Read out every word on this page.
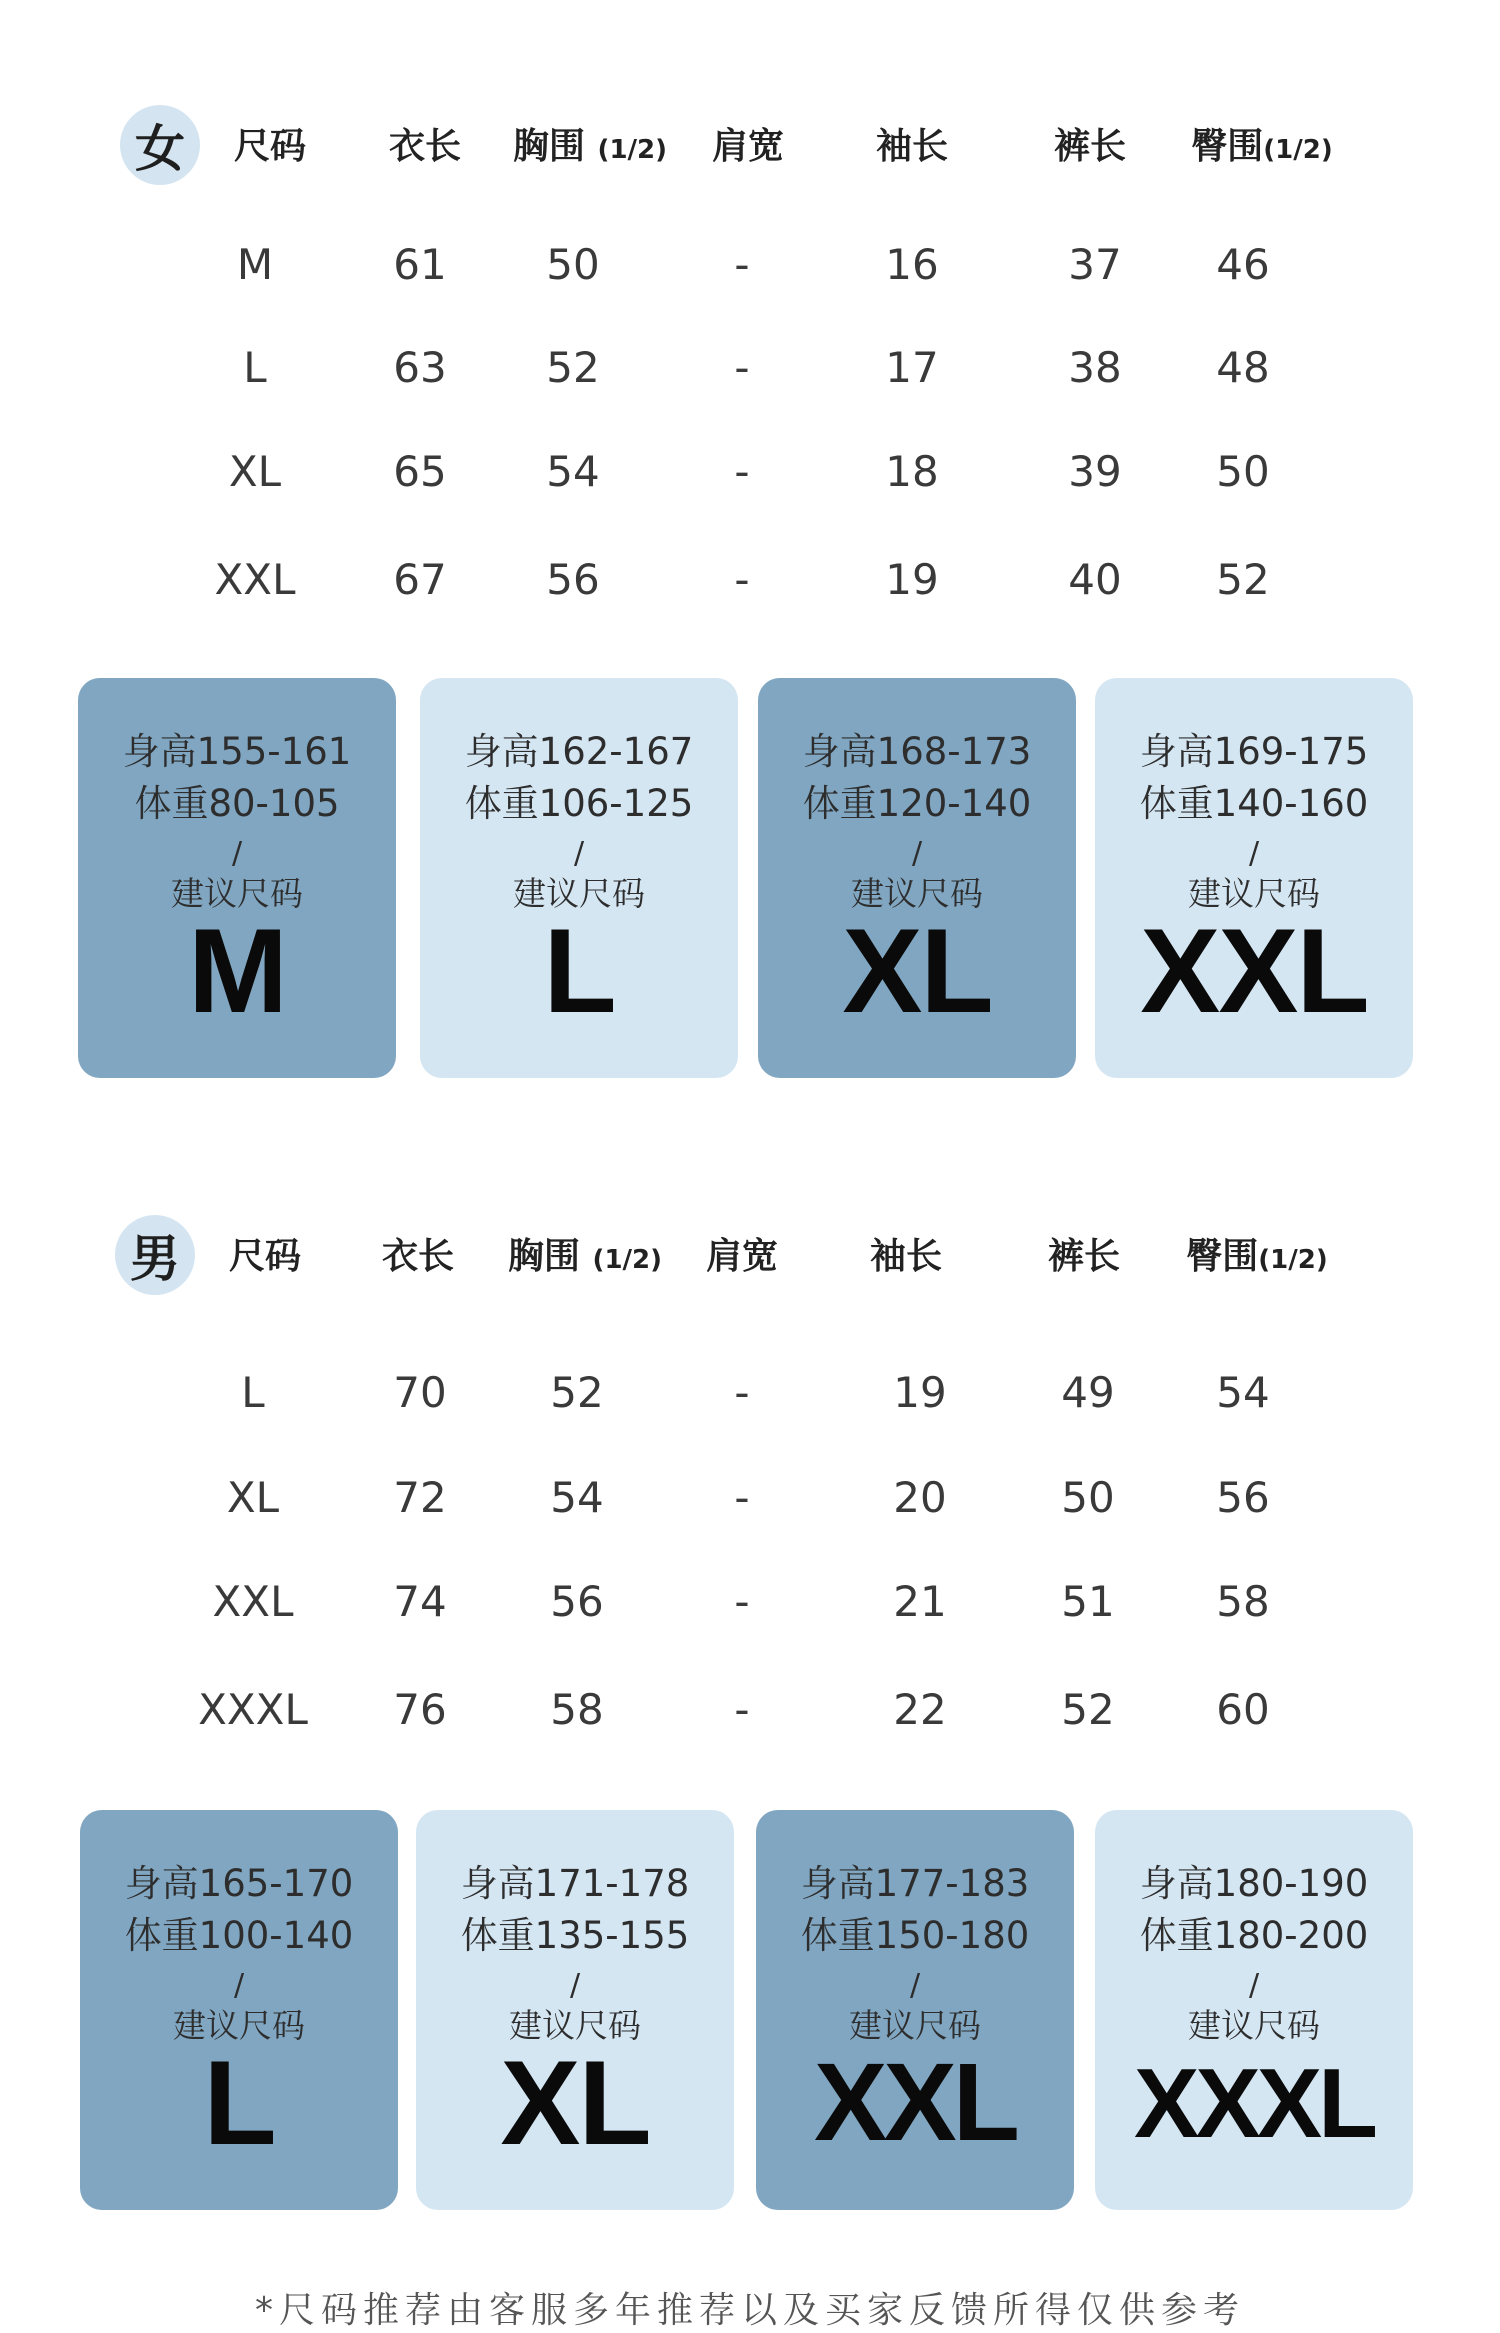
女	尺码 衣长 胸围 (1/2) 肩宽	袖长	裤长 臀围(1/2)
M	61 50	-	16	37 46
L	63 52	-	17	38 48
XL	65 54	-	18	39 50
XXL 67 56	-	19	40 52
身高155-161
体重80-105
/
建议尺码
M
身高162-167
体重106-125
/
建议尺码
L
身高168-173
体重120-140
/
建议尺码
XL
身高169-175
体重140-160
/
建议尺码
XXL
男	尺码 衣长 胸围 (1/2) 肩宽	袖长	裤长 臀围(1/2)
L	70 52	-	19	49 54
XL	72 54	-	20	50 56
XXL 74 56	-	21	51 58
XXXL 76 58	-	22	52 60
身高165-170
体重100-140
/
建议尺码
L
身高171-178
体重135-155
/
建议尺码
XL
身高177-183
体重150-180
/
建议尺码
XXL
身高180-190
体重180-200
/
建议尺码
XXXL
*尺码推荐由客服多年推荐以及买家反馈所得仅供参考
